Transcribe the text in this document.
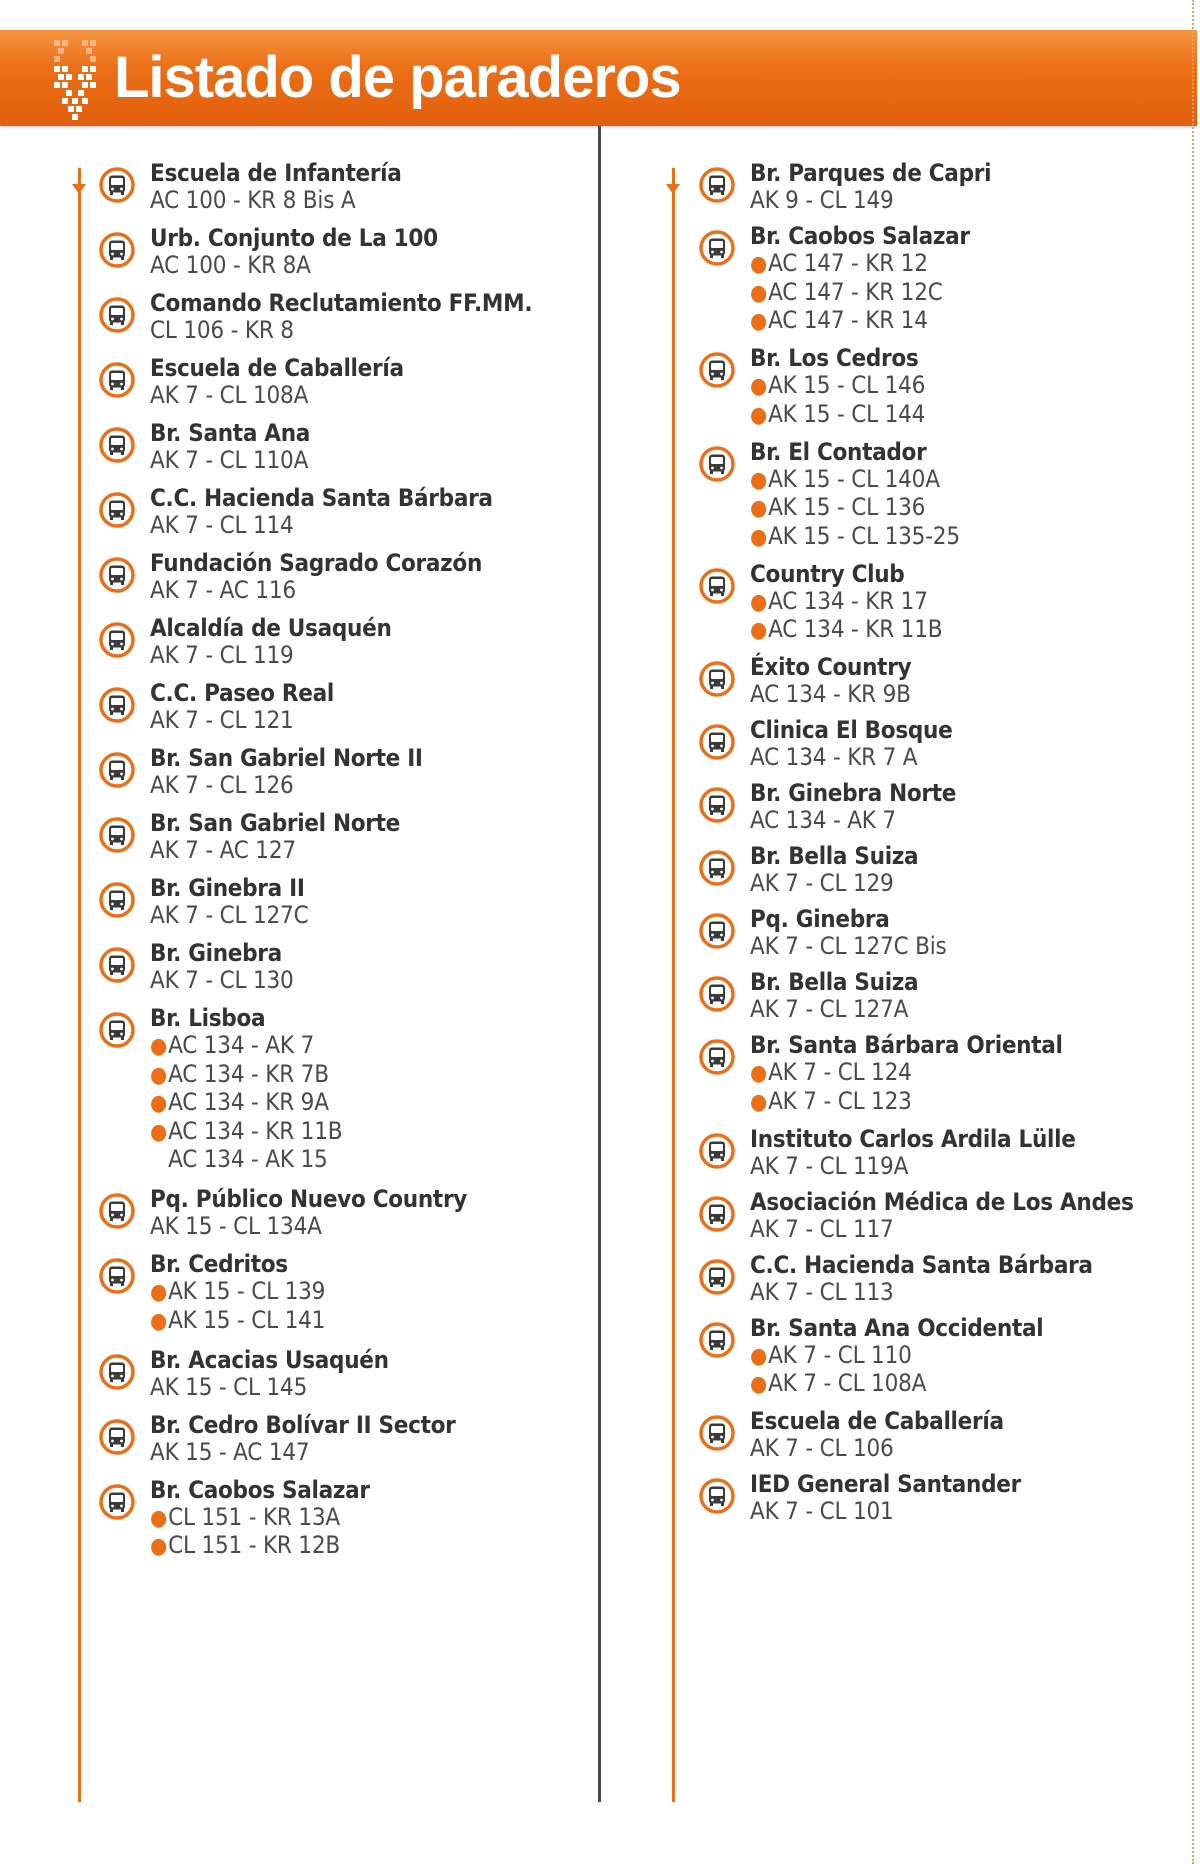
Listado de paraderos
Escuela de Infantería
AC 100 - KR 8 Bis A
Urb. Conjunto de La 100
AC 100 - KR 8A
Comando Reclutamiento FF.MM.
CL 106 - KR 8
Escuela de Caballería
AK 7 - CL 108A
Br. Santa Ana
AK 7 - CL 110A
C.C. Hacienda Santa Bárbara
AK 7 - CL 114
Fundación Sagrado Corazón
AK 7 - AC 116
Alcaldía de Usaquén
AK 7 - CL 119
C.C. Paseo Real
AK 7 - CL 121
Br. San Gabriel Norte II
AK 7 - CL 126
Br. San Gabriel Norte
AK 7 - AC 127
Br. Ginebra II
AK 7 - CL 127C
Br. Ginebra
AK 7 - CL 130
Br. Lisboa
●AC 134 - AK 7
●AC 134 - KR 7B
●AC 134 - KR 9A
●AC 134 - KR 11B
AC 134 - AK 15
Pq. Público Nuevo Country
AK 15 - CL 134A
Br. Cedritos
●AK 15 - CL 139
●AK 15 - CL 141
Br. Acacias Usaquén
AK 15 - CL 145
Br. Cedro Bolívar II Sector
AK 15 - AC 147
Br. Caobos Salazar
●CL 151 - KR 13A
●CL 151 - KR 12B
Br. Parques de Capri
AK 9 - CL 149
Br. Caobos Salazar
●AC 147 - KR 12
●AC 147 - KR 12C
●AC 147 - KR 14
Br. Los Cedros
●AK 15 - CL 146
●AK 15 - CL 144
Br. El Contador
●AK 15 - CL 140A
●AK 15 - CL 136
●AK 15 - CL 135-25
Country Club
●AC 134 - KR 17
●AC 134 - KR 11B
Éxito Country
AC 134 - KR 9B
Clinica El Bosque
AC 134 - KR 7 A
Br. Ginebra Norte
AC 134 - AK 7
Br. Bella Suiza
AK 7 - CL 129
Pq. Ginebra
AK 7 - CL 127C Bis
Br. Bella Suiza
AK 7 - CL 127A
Br. Santa Bárbara Oriental
●AK 7 - CL 124
●AK 7 - CL 123
Instituto Carlos Ardila Lülle
AK 7 - CL 119A
Asociación Médica de Los Andes
AK 7 - CL 117
C.C. Hacienda Santa Bárbara
AK 7 - CL 113
Br. Santa Ana Occidental
●AK 7 - CL 110
●AK 7 - CL 108A
Escuela de Caballería
AK 7 - CL 106
IED General Santander
AK 7 - CL 101
